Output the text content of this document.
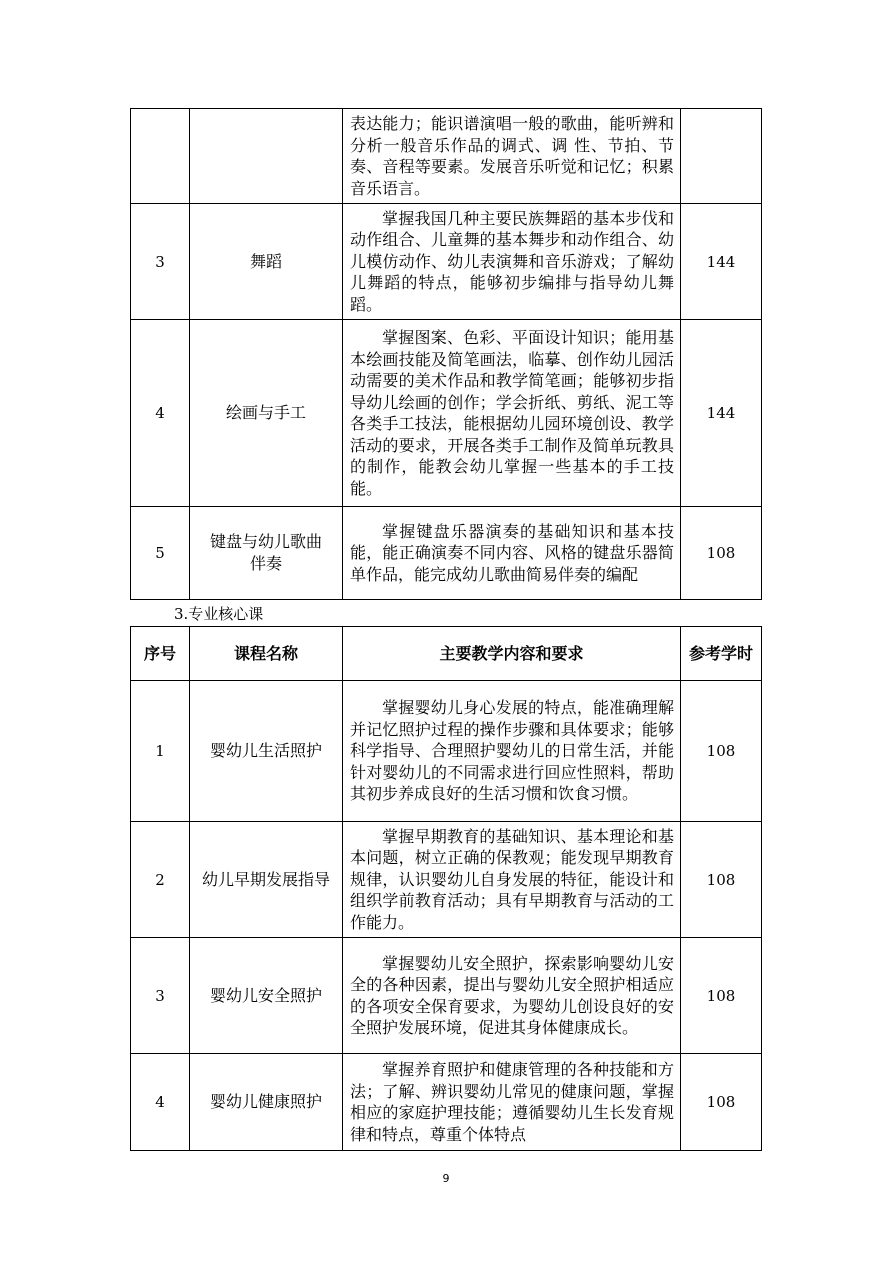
		表达能力；能识谱演唱一般的歌曲，能听辨和分析一般音乐作品的调式、调 性、节拍、节奏、音程等要素。发展音乐听觉和记忆；积累音乐语言。	
3	舞蹈	掌握我国几种主要民族舞蹈的基本步伐和动作组合、儿童舞的基本舞步和动作组合、幼儿模仿动作、幼儿表演舞和音乐游戏；了解幼儿舞蹈的特点，能够初步编排与指导幼儿舞蹈。	144
4	绘画与手工	掌握图案、色彩、平面设计知识；能用基本绘画技能及简笔画法，临摹、创作幼儿园活动需要的美术作品和教学简笔画；能够初步指导幼儿绘画的创作；学会折纸、剪纸、泥工等各类手工技法，能根据幼儿园环境创设、教学活动的要求，开展各类手工制作及简单玩教具的制作，能教会幼儿掌握一些基本的手工技能。	144
5	键盘与幼儿歌曲伴奏	掌握键盘乐器演奏的基础知识和基本技能，能正确演奏不同内容、风格的键盘乐器简单作品，能完成幼儿歌曲简易伴奏的编配	108
3.专业核心课
序号	课程名称	主要教学内容和要求	参考学时
1	婴幼儿生活照护	掌握婴幼儿身心发展的特点，能准确理解并记忆照护过程的操作步骤和具体要求；能够科学指导、合理照护婴幼儿的日常生活，并能针对婴幼儿的不同需求进行回应性照料，帮助其初步养成良好的生活习惯和饮食习惯。	108
2	幼儿早期发展指导	掌握早期教育的基础知识、基本理论和基本问题，树立正确的保教观；能发现早期教育规律，认识婴幼儿自身发展的特征，能设计和组织学前教育活动；具有早期教育与活动的工作能力。	108
3	婴幼儿安全照护	掌握婴幼儿安全照护，探索影响婴幼儿安全的各种因素，提出与婴幼儿安全照护相适应的各项安全保育要求，为婴幼儿创设良好的安全照护发展环境，促进其身体健康成长。	108
4	婴幼儿健康照护	掌握养育照护和健康管理的各种技能和方法；了解、辨识婴幼儿常见的健康问题，掌握相应的家庭护理技能；遵循婴幼儿生长发育规律和特点，尊重个体特点	108
9
